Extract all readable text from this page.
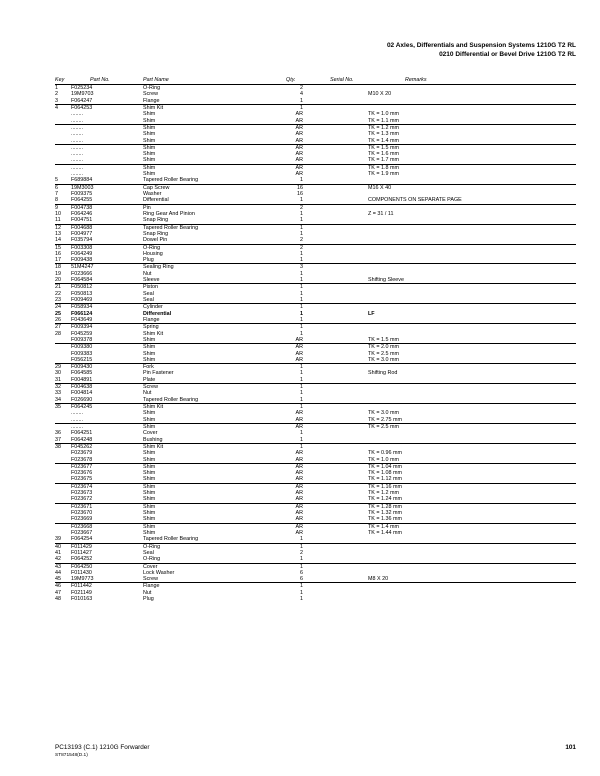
02 Axles, Differentials and Suspension Systems 1210G T2 RL
0210 Differential or Bevel Drive 1210G T2 RL
Key	Part No.	Part Name	Qty.	Serial No.	Remarks
1 F025234	O-Ring	2
2 19M9703	Screw	4	M10 X 20
3 F064247	Flange	1
4 F064253	Shim Kit	1
........	Shim	AR	TK = 1.0 mm
........	Shim	AR	TK = 1.1 mm
........	Shim	AR	TK = 1.2 mm
........	Shim	AR	TK = 1.3 mm
........	Shim	AR	TK = 1.4 mm
........	Shim	AR	TK = 1.5 mm
........	Shim	AR	TK = 1.6 mm
........	Shim	AR	TK = 1.7 mm
........	Shim	AR	TK = 1.8 mm
........	Shim	AR	TK = 1.9 mm
5 F689884	Tapered Roller Bearing	1
6 19M3003	Cap Screw	16	M16 X 40
7 F009375	Washer	16
8 F064255	Differential	1	COMPONENTS ON SEPARATE PAGE
9 F004738	Pin	2
10 F064246	Ring Gear And Pinion	1	Z = 31 / 11
11 F004751	Snap Ring	1
12 F004688	Tapered Roller Bearing	1
13 F004977	Snap Ring	1
14 F035794	Dowel Pin	2
15 F003308	O-Ring	2
16 F064249	Housing	1
17 F009438	Plug	1
18 51M4247	Sealing Ring	3
19 F023666	Nut	1
20 F064584	Sleeve	1	Shifting Sleeve
21 F050812	Piston	1
22 F050813	Seal	1
23 F009469	Seal	1
24 F058934	Cylinder	1
25 F066124	Differential	1	LF
26 F043649	Flange	1
27 F009394	Spring	1
28 F045259	Shim Kit	1
F009378	Shim	AR	TK = 1.5 mm
F009380	Shim	AR	TK = 2.0 mm
F009383	Shim	AR	TK = 2.5 mm
F056215	Shim	AR	TK = 3.0 mm
29 F009430	Fork	1
30 F064585	Pin Fastener	1	Shifting Rod
31 F004891	Plate	1
32 F004638	Screw	1
33 F004814	Nut	1
34 F026690	Tapered Roller Bearing	1
35 F064245	Shim Kit	1
........	Shim	AR	TK = 3.0 mm
........	Shim	AR	TK = 2.75 mm
........	Shim	AR	TK = 2.5 mm
36 F064251	Cover	1
37 F064248	Bushing	1
38 F045262	Shim Kit	1
F023679	Shim	AR	TK = 0.96 mm
F023678	Shim	AR	TK = 1.0 mm
F023677	Shim	AR	TK = 1.04 mm
F023676	Shim	AR	TK = 1.08 mm
F023675	Shim	AR	TK = 1.12 mm
F023674	Shim	AR	TK = 1.16 mm
F023673	Shim	AR	TK = 1.2 mm
F023672	Shim	AR	TK = 1.24 mm
F023671	Shim	AR	TK = 1.28 mm
F023670	Shim	AR	TK = 1.32 mm
F023669	Shim	AR	TK = 1.36 mm
F023668	Shim	AR	TK = 1.4 mm
F023667	Shim	AR	TK = 1.44 mm
39 F064254	Tapered Roller Bearing	1
40 F011429	O-Ring	1
41 F011427	Seal	2
42 F064252	O-Ring	1
43 F064250	Cover	1
44 F011430	Lock Washer	6
45 19M9773	Screw	6	M8 X 20
46 F011442	Flange	1
47 F021149	Nut	1
48 F010163	Plug	1
PC13193 (C.1) 1210G Forwarder
ST871548(D.1)
101
